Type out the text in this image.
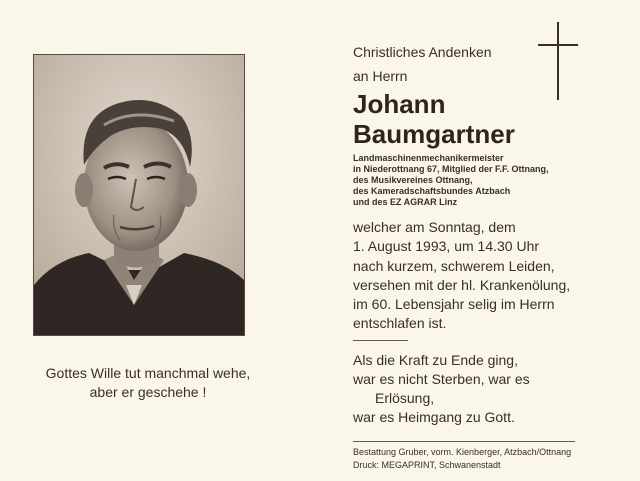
Gottes Wille tut manchmal wehe,
aber er geschehe !
Christliches Andenken
an Herrn
Johann
Baumgartner
Landmaschinenmechanikermeister
in Niederottnang 67, Mitglied der F.F. Ottnang,
des Musikvereines Ottnang,
des Kameradschaftsbundes Atzbach
und des EZ AGRAR Linz
welcher am Sonntag, dem
1. August 1993, um 14.30 Uhr
nach kurzem, schwerem Leiden,
versehen mit der hl. Krankenölung,
im 60. Lebensjahr selig im Herrn
entschlafen ist.
Als die Kraft zu Ende ging,
war es nicht Sterben, war es
Erlösung,
war es Heimgang zu Gott.
Bestattung Gruber, vorm. Kienberger, Atzbach/Ottnang
Druck: MEGAPRINT, Schwanenstadt
